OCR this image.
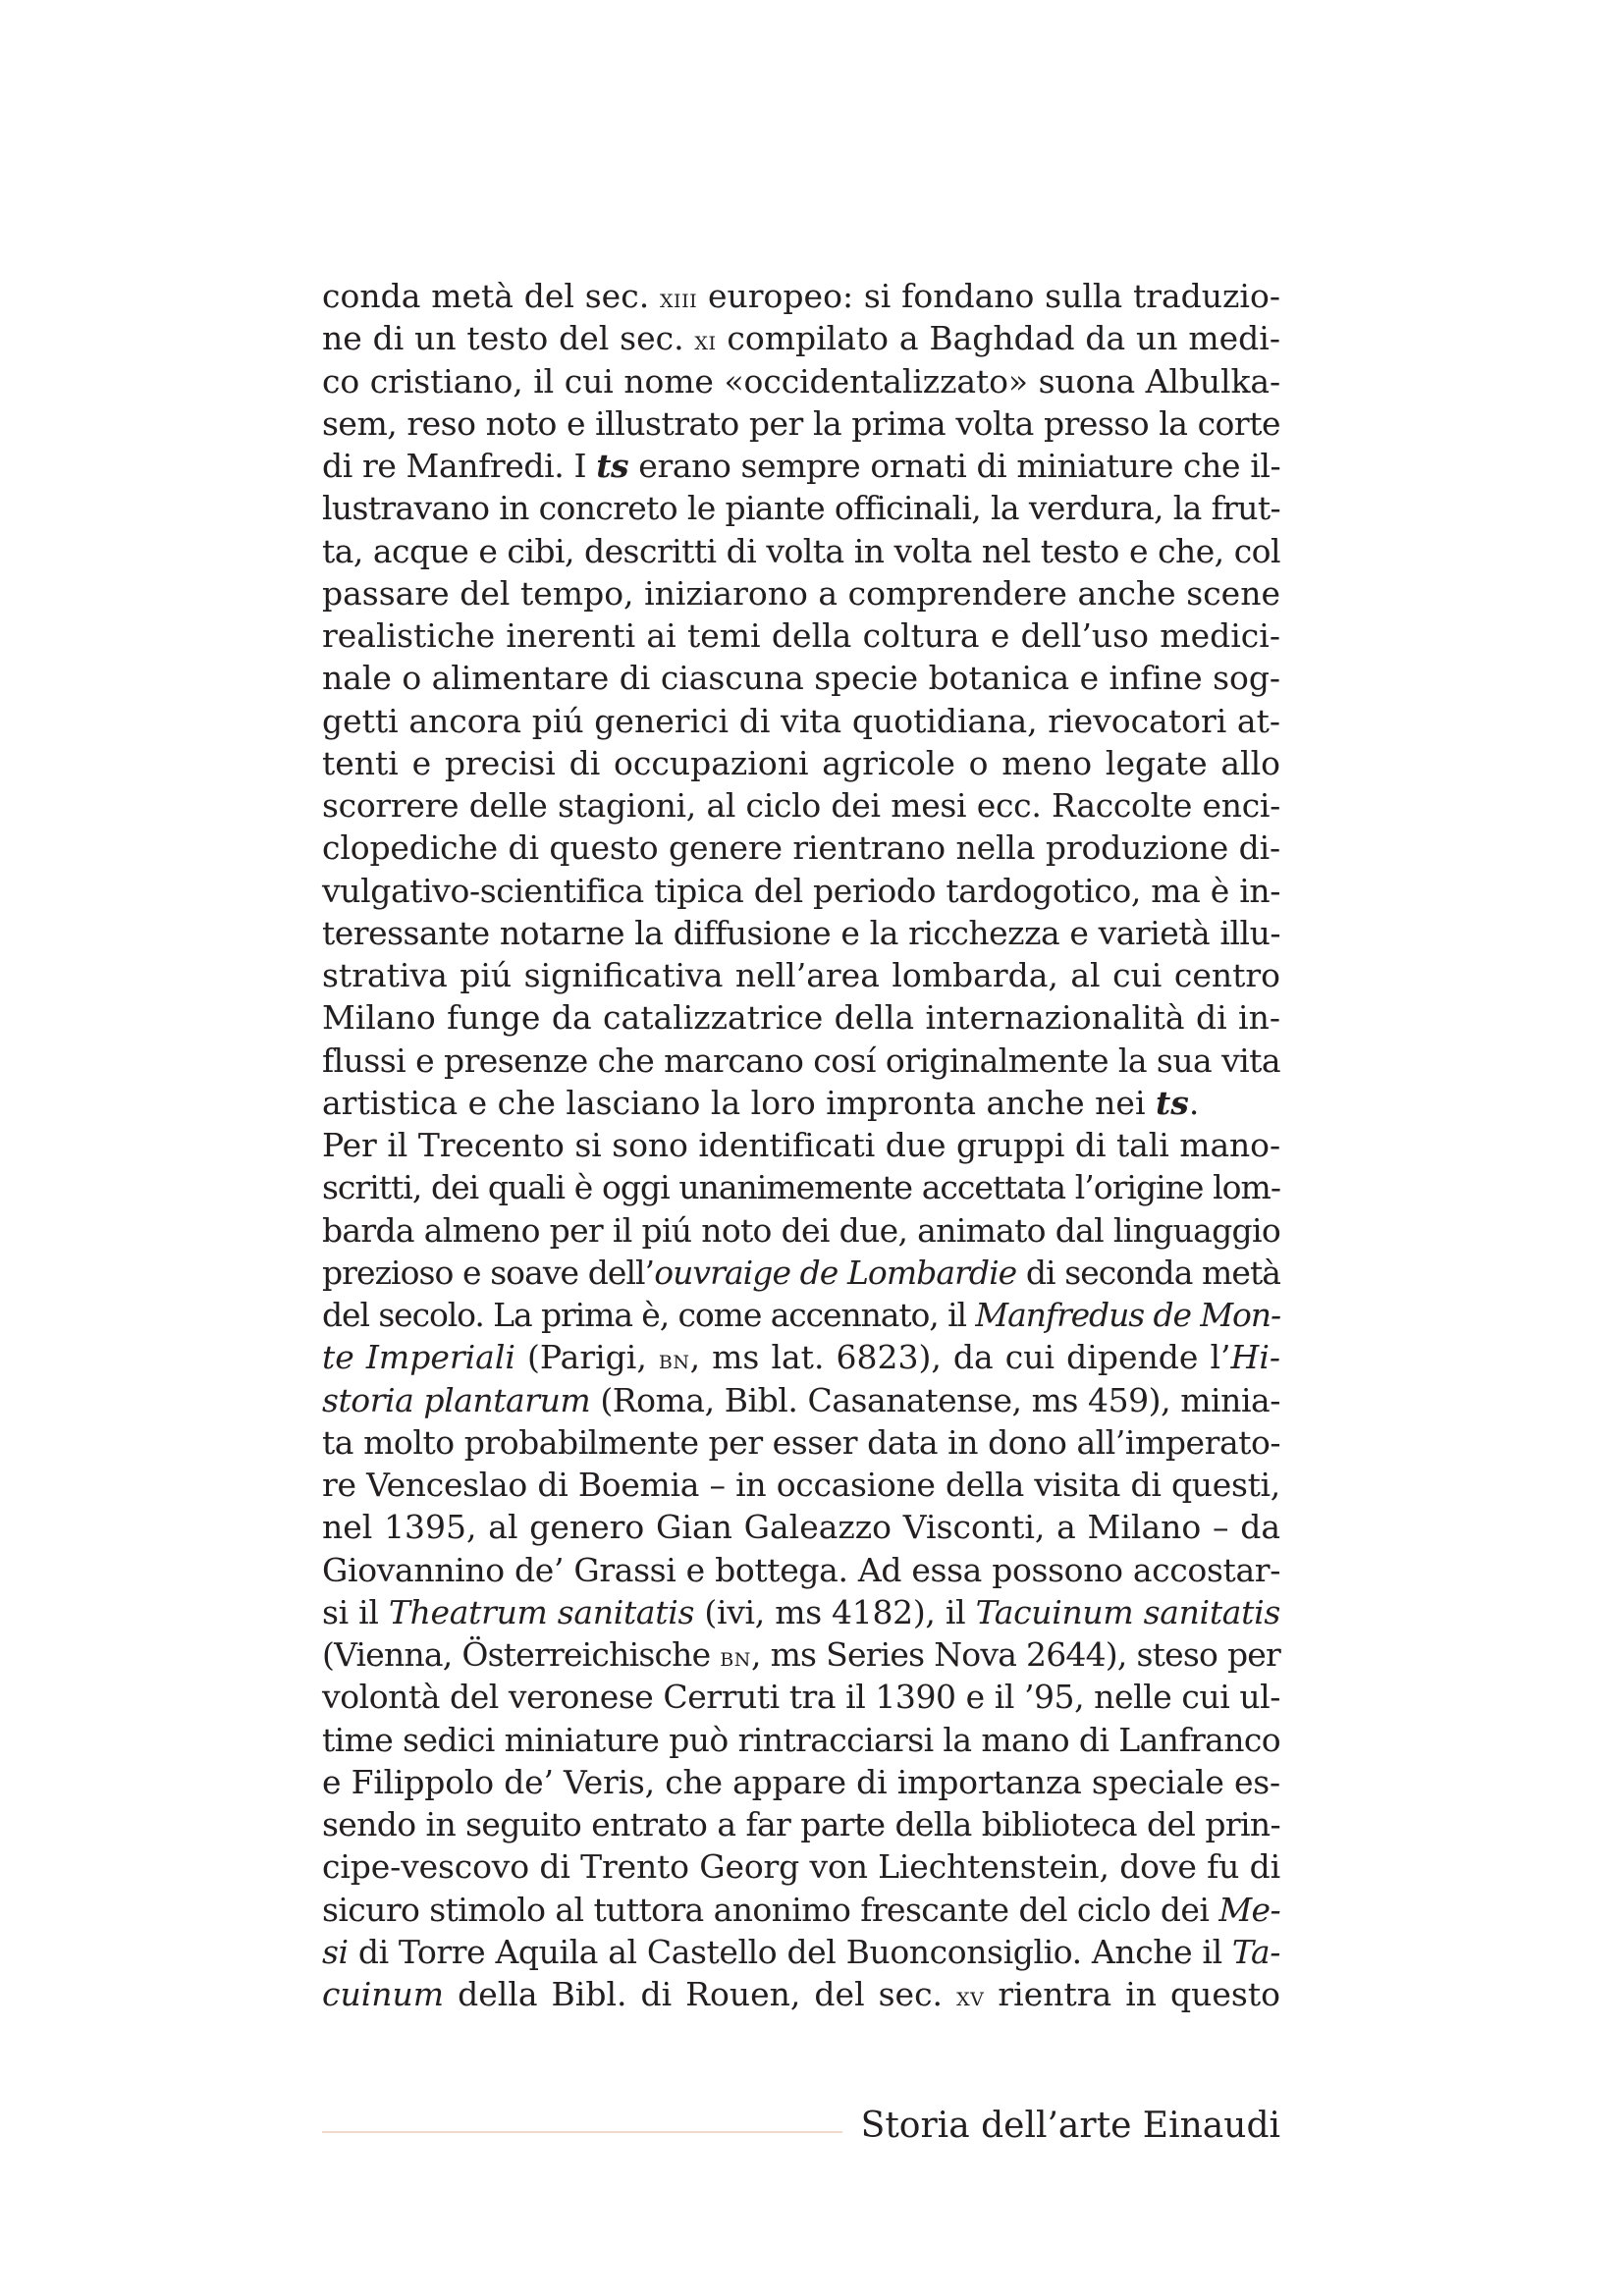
conda metà del sec. xiii europeo: si fondano sulla traduzio-
ne di un testo del sec. xi compilato a Baghdad da un medi-
co cristiano, il cui nome «occidentalizzato» suona Albulka-
sem, reso noto e illustrato per la prima volta presso la corte
di re Manfredi. I ts erano sempre ornati di miniature che il-
lustravano in concreto le piante officinali, la verdura, la frut-
ta, acque e cibi, descritti di volta in volta nel testo e che, col
passare del tempo, iniziarono a comprendere anche scene
realistiche inerenti ai temi della coltura e dell’uso medici-
nale o alimentare di ciascuna specie botanica e infine sog-
getti ancora piú generici di vita quotidiana, rievocatori at-
tenti e precisi di occupazioni agricole o meno legate allo
scorrere delle stagioni, al ciclo dei mesi ecc. Raccolte enci-
clopediche di questo genere rientrano nella produzione di-
vulgativo-scientifica tipica del periodo tardogotico, ma è in-
teressante notarne la diffusione e la ricchezza e varietà illu-
strativa piú significativa nell’area lombarda, al cui centro
Milano funge da catalizzatrice della internazionalità di in-
flussi e presenze che marcano cosí originalmente la sua vita
artistica e che lasciano la loro impronta anche nei ts.
Per il Trecento si sono identificati due gruppi di tali mano-
scritti, dei quali è oggi unanimemente accettata l’origine lom-
barda almeno per il piú noto dei due, animato dal linguaggio
prezioso e soave dell’ouvraige de Lombardie di seconda metà
del secolo. La prima è, come accennato, il Manfredus de Mon-
te Imperiali (Parigi, bn, ms lat. 6823), da cui dipende l’Hi-
storia plantarum (Roma, Bibl. Casanatense, ms 459), minia-
ta molto probabilmente per esser data in dono all’imperato-
re Venceslao di Boemia – in occasione della visita di questi,
nel 1395, al genero Gian Galeazzo Visconti, a Milano – da
Giovannino de’ Grassi e bottega. Ad essa possono accostar-
si il Theatrum sanitatis (ivi, ms 4182), il Tacuinum sanitatis
(Vienna, Österreichische bn, ms Series Nova 2644), steso per
volontà del veronese Cerruti tra il 1390 e il ’95, nelle cui ul-
time sedici miniature può rintracciarsi la mano di Lanfranco
e Filippolo de’ Veris, che appare di importanza speciale es-
sendo in seguito entrato a far parte della biblioteca del prin-
cipe-vescovo di Trento Georg von Liechtenstein, dove fu di
sicuro stimolo al tuttora anonimo frescante del ciclo dei Me-
si di Torre Aquila al Castello del Buonconsiglio. Anche il Ta-
cuinum della Bibl. di Rouen, del sec. xv rientra in questo
Storia dell’arte Einaudi
